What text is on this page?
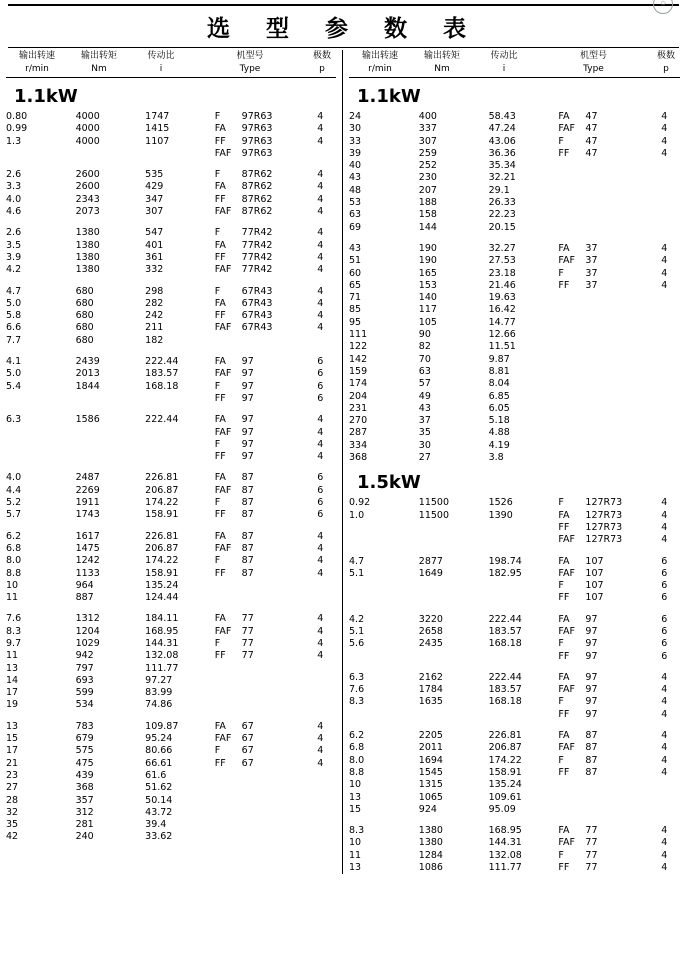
○
选 型 参 数 表
输出转速	输出转矩	传动比	机型号	极数
r/min	Nm	i	Type	p
1.1kW
0.80	4000	1747	F	97R63	4
0.99	4000	1415	FA	97R63	4
1.3	4000	1107	FF	97R63	4
			FAF	97R63	

2.6	2600	535	F	87R62	4
3.3	2600	429	FA	87R62	4
4.0	2343	347	FF	87R62	4
4.6	2073	307	FAF	87R62	4

2.6	1380	547	F	77R42	4
3.5	1380	401	FA	77R42	4
3.9	1380	361	FF	77R42	4
4.2	1380	332	FAF	77R42	4

4.7	680	298	F	67R43	4
5.0	680	282	FA	67R43	4
5.8	680	242	FF	67R43	4
6.6	680	211	FAF	67R43	4
7.7	680	182			

4.1	2439	222.44	FA	97	6
5.0	2013	183.57	FAF	97	6
5.4	1844	168.18	F	97	6
			FF	97	6

6.3	1586	222.44	FA	97	4
			FAF	97	4
			F	97	4
			FF	97	4

4.0	2487	226.81	FA	87	6
4.4	2269	206.87	FAF	87	6
5.2	1911	174.22	F	87	6
5.7	1743	158.91	FF	87	6

6.2	1617	226.81	FA	87	4
6.8	1475	206.87	FAF	87	4
8.0	1242	174.22	F	87	4
8.8	1133	158.91	FF	87	4
10	964	135.24			
11	887	124.44			

7.6	1312	184.11	FA	77	4
8.3	1204	168.95	FAF	77	4
9.7	1029	144.31	F	77	4
11	942	132.08	FF	77	4
13	797	111.77			
14	693	97.27			
17	599	83.99			
19	534	74.86			

13	783	109.87	FA	67	4
15	679	95.24	FAF	67	4
17	575	80.66	F	67	4
21	475	66.61	FF	67	4
23	439	61.6			
27	368	51.62			
28	357	50.14			
32	312	43.72			
35	281	39.4			
42	240	33.62			
输出转速	输出转矩	传动比	机型号	极数
r/min	Nm	i	Type	p
1.1kW
24	400	58.43	FA	47	4
30	337	47.24	FAF	47	4
33	307	43.06	F	47	4
39	259	36.36	FF	47	4
40	252	35.34			
43	230	32.21			
48	207	29.1			
53	188	26.33			
63	158	22.23			
69	144	20.15			

43	190	32.27	FA	37	4
51	190	27.53	FAF	37	4
60	165	23.18	F	37	4
65	153	21.46	FF	37	4
71	140	19.63			
85	117	16.42			
95	105	14.77			
111	90	12.66			
122	82	11.51			
142	70	9.87			
159	63	8.81			
174	57	8.04			
204	49	6.85			
231	43	6.05			
270	37	5.18			
287	35	4.88			
334	30	4.19			
368	27	3.8			
1.5kW
0.92	11500	1526	F	127R73	4
1.0	11500	1390	FA	127R73	4
			FF	127R73	4
			FAF	127R73	4

4.7	2877	198.74	FA	107	6
5.1	1649	182.95	FAF	107	6
			F	107	6
			FF	107	6

4.2	3220	222.44	FA	97	6
5.1	2658	183.57	FAF	97	6
5.6	2435	168.18	F	97	6
			FF	97	6

6.3	2162	222.44	FA	97	4
7.6	1784	183.57	FAF	97	4
8.3	1635	168.18	F	97	4
			FF	97	4

6.2	2205	226.81	FA	87	4
6.8	2011	206.87	FAF	87	4
8.0	1694	174.22	F	87	4
8.8	1545	158.91	FF	87	4
10	1315	135.24			
13	1065	109.61			
15	924	95.09			

8.3	1380	168.95	FA	77	4
10	1380	144.31	FAF	77	4
11	1284	132.08	F	77	4
13	1086	111.77	FF	77	4
